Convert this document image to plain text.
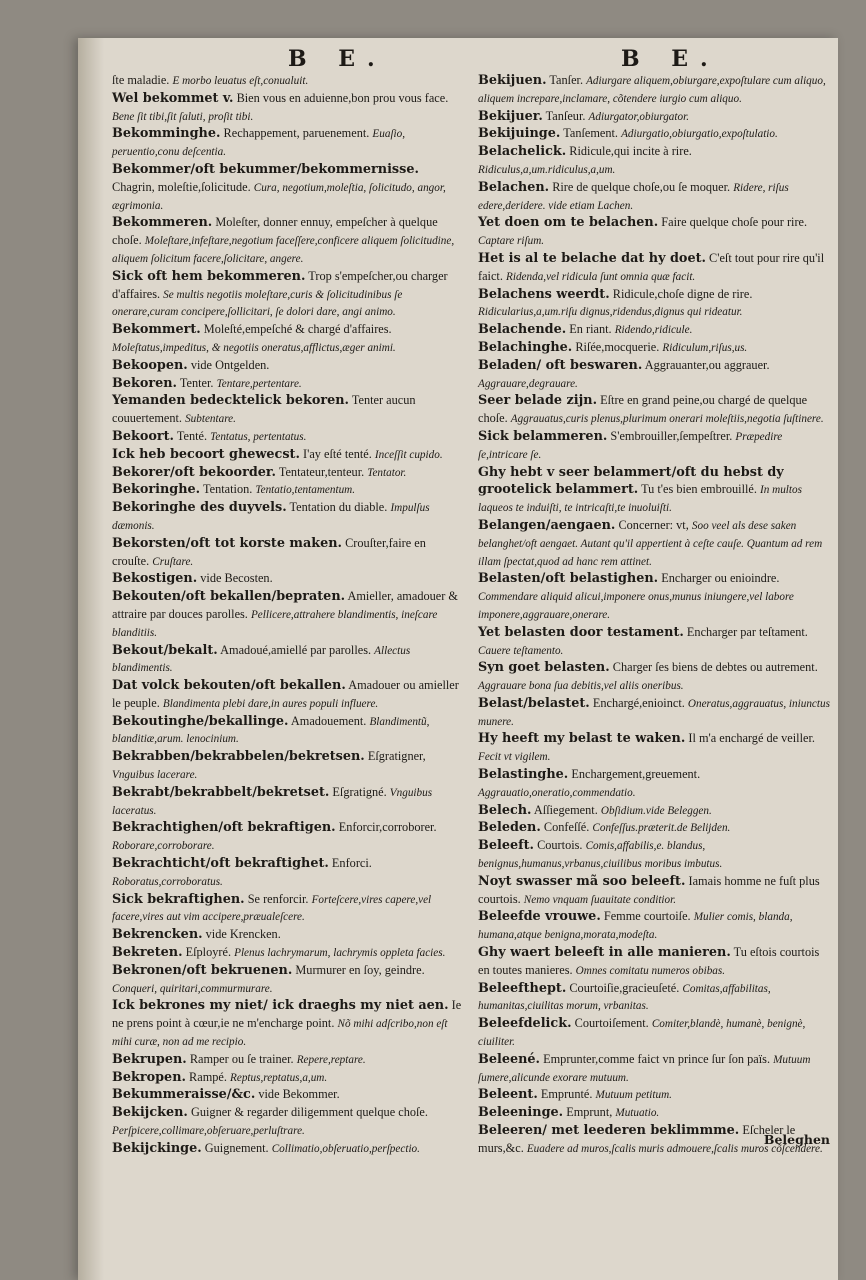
B E.	B E.

ſte maladie. E morbo leuatus eſt,conualuit.

Wel bekommet v. Bien vous en aduienne,bon prou vous face. Bene ſit tibi,ſit ſaluti, proſit tibi.

Bekomminghe. Rechappement, paruenement. Euaſio, peruentio,conu deſcentia.

Bekommer/oft bekummer/bekommernisse. Chagrin, moleſtie,ſolicitude. Cura, negotium,moleſtia, ſolicitudo, angor, ægrimonia.

Bekommeren. Moleſter, donner ennuy, empeſcher à quelque choſe. Moleſtare,infeſtare,negotium faceſſere,conficere aliquem ſolicitudine, aliquem ſolicitum facere,ſolicitare, angere.

Sick oft hem bekommeren. Trop s'empeſcher,ou charger d'affaires. Se multis negotiis moleſtare,curis & ſolicitudinibus ſe onerare,curam concipere,ſollicitari, ſe dolori dare, angi animo.

Bekommert. Moleſté,empeſché & chargé d'affaires. Moleſtatus,impeditus, & negotiis oneratus,afflictus,æger animi.

Bekoopen. vide Ontgelden.

Bekoren. Tenter. Tentare,pertentare.

Yemanden bedecktelick bekoren. Tenter aucun couuertement. Subtentare.

Bekoort. Tenté. Tentatus, pertentatus.

Ick heb becoort ghewecst. I'ay eſté tenté. Inceſſit cupido.

Bekorer/oft bekoorder. Tentateur,tenteur. Tentator.

Bekoringhe. Tentation. Tentatio,tentamentum.

Bekoringhe des duyvels. Tentation du diable. Impulſus dæmonis.

Bekorsten/oft tot korste maken. Crouſter,faire en crouſte. Cruſtare.

Bekostigen. vide Becosten.

Bekouten/oft bekallen/bepraten. Amieller, amadouer & attraire par douces parolles. Pellicere,attrahere blandimentis, ineſcare blanditiis.

Bekout/bekalt. Amadoué,amiellé par parolles. Allectus blandimentis.

Dat volck bekouten/oft bekallen. Amadouer ou amieller le peuple. Blandimenta plebi dare,in aures populi influere.

Bekoutinghe/bekallinge. Amadouement. Blandimentũ, blanditiæ,arum. lenocinium.

Bekrabben/bekrabbelen/bekretsen. Eſgratigner, Vnguibus lacerare.

Bekrabt/bekrabbelt/bekretset. Eſgratigné. Vnguibus laceratus.

Bekrachtighen/oft bekraftigen. Enforcir,corroborer. Roborare,corroborare.

Bekrachticht/oft bekraftighet. Enforci. Roboratus,corroboratus.

Sick bekraftighen. Se renforcir. Forteſcere,vires capere,vel facere,vires aut vim accipere,præualeſcere.

Bekrencken. vide Krencken.

Bekreten. Eſploуré. Plenus lachrymarum, lachrymis oppleta facies.

Bekronen/oft bekruenen. Murmurer en ſoy, geindre. Conqueri, quiritari,commurmurare.

Ick bekrones my niet/ ick draeghs my niet aen. Ie ne prens point à cœur,ie ne m'encharge point. Nõ mihi adſcribo,non eſt mihi curæ, non ad me recipio.

Bekrupen. Ramper ou ſe trainer. Repere,reptare.

Bekropen. Rampé. Reptus,reptatus,a,um.

Bekummeraisse/&c. vide Bekommer.

Bekijcken. Guigner & regarder diligemment quelque choſe. Perſpicere,collimare,obſeruare,perluſtrare.

Bekijckinge. Guignement. Collimatio,obſeruatio,perſpectio.

Bekijuen. Tanſer. Adiurgare aliquem,obiurgare,expoſtulare cum aliquo, aliquem increpare,inclamare, cõtendere iurgio cum aliquo.

Bekijuer. Tanſeur. Adiurgator,obiurgator.

Bekijuinge. Tanſement. Adiurgatio,obiurgatio,expoſtulatio.

Belachelick. Ridicule,qui incite à rire. Ridiculus,a,um.ridiculus,a,um.

Belachen. Rire de quelque choſe,ou ſe moquer. Ridere, riſus edere,deridere. vide etiam Lachen.

Yet doen om te belachen. Faire quelque choſe pour rire. Captare riſum.

Het is al te belache dat hy doet. C'eſt tout pour rire qu'il faict. Ridenda,vel ridicula ſunt omnia quæ facit.

Belachens weerdt. Ridicule,choſe digne de rire. Ridicularius,a,um.riſu dignus,ridendus,dignus qui rideatur.

Belachende. En riant. Ridendo,ridicule.

Belachinghe. Riſée,mocquerie. Ridiculum,riſus,us.

Beladen/ oft beswaren. Aggrauanter,ou aggrauer. Aggrauare,degrauare.

Seer belade zijn. Eſtre en grand peine,ou chargé de quelque choſe. Aggrauatus,curis plenus,plurimum onerari moleſtiis,negotia ſuſtinere.

Sick belammeren. S'embrouiller,ſempeſtrer. Præpedire ſe,intricare ſe.

Ghy hebt v seer belammert/oft du hebst dy grootelick belammert. Tu t'es bien embrouillé. In multos laqueos te induiſti, te intricaſti,te inuoluiſti.

Belangen/aengaen. Concerner: vt, Soo veel als dese saken belanghet/oft aengaet. Autant qu'il appertient à ceſte cauſe. Quantum ad rem illam ſpectat,quod ad hanc rem attinet.

Belasten/oft belastighen. Encharger ou enioindre. Commendare aliquid alicui,imponere onus,munus iniungere,vel labore imponere,aggrauare,onerare.

Yet belasten door testament. Encharger par teſtament. Cauere teſtamento.

Syn goet belasten. Charger ſes biens de debtes ou autrement. Aggrauare bona ſua debitis,vel aliis oneribus.

Belast/belastet. Enchargé,enioinct. Oneratus,aggrauatus, iniunctus munere.

Hy heeft my belast te waken. Il m'a enchargé de veiller. Fecit vt vigilem.

Belastinghe. Enchargement,greuement. Aggrauatio,oneratio,commendatio.

Belech. Aſſiegement. Obſidium.vide Beleggen.

Beleden. Confeſſé. Confeſſus.præterit.de Belijden.

Beleeft. Courtois. Comis,affabilis,e. blandus, benignus,humanus,vrbanus,ciuilibus moribus imbutus.

Noyt swasser mã soo beleeft. Iamais homme ne fuſt plus courtois. Nemo vnquam ſuauitate conditior.

Beleefde vrouwe. Femme courtoiſe. Mulier comis, blanda, humana,atque benigna,morata,modeſta.

Ghy waert beleeft in alle manieren. Tu eſtois courtois en toutes manieres. Omnes comitatu numeros obibas.

Beleefthept. Courtoiſie,gracieuſeté. Comitas,affabilitas, humanitas,ciuilitas morum, vrbanitas.

Beleefdelick. Courtoiſement. Comiter,blandè, humanè, benignè, ciuiliter.

Beleené. Emprunter,comme faict vn prince ſur ſon païs. Mutuum ſumere,alicunde exorare mutuum.

Beleent. Emprunté. Mutuum petitum.

Beleeninge. Emprunt, Mutuatio.

Beleeren/ met leederen beklimmme. Eſcheler le murs,&c. Euadere ad muros,ſcalis muris admouere,ſcalis muros cõſcendere.

Beleghen
